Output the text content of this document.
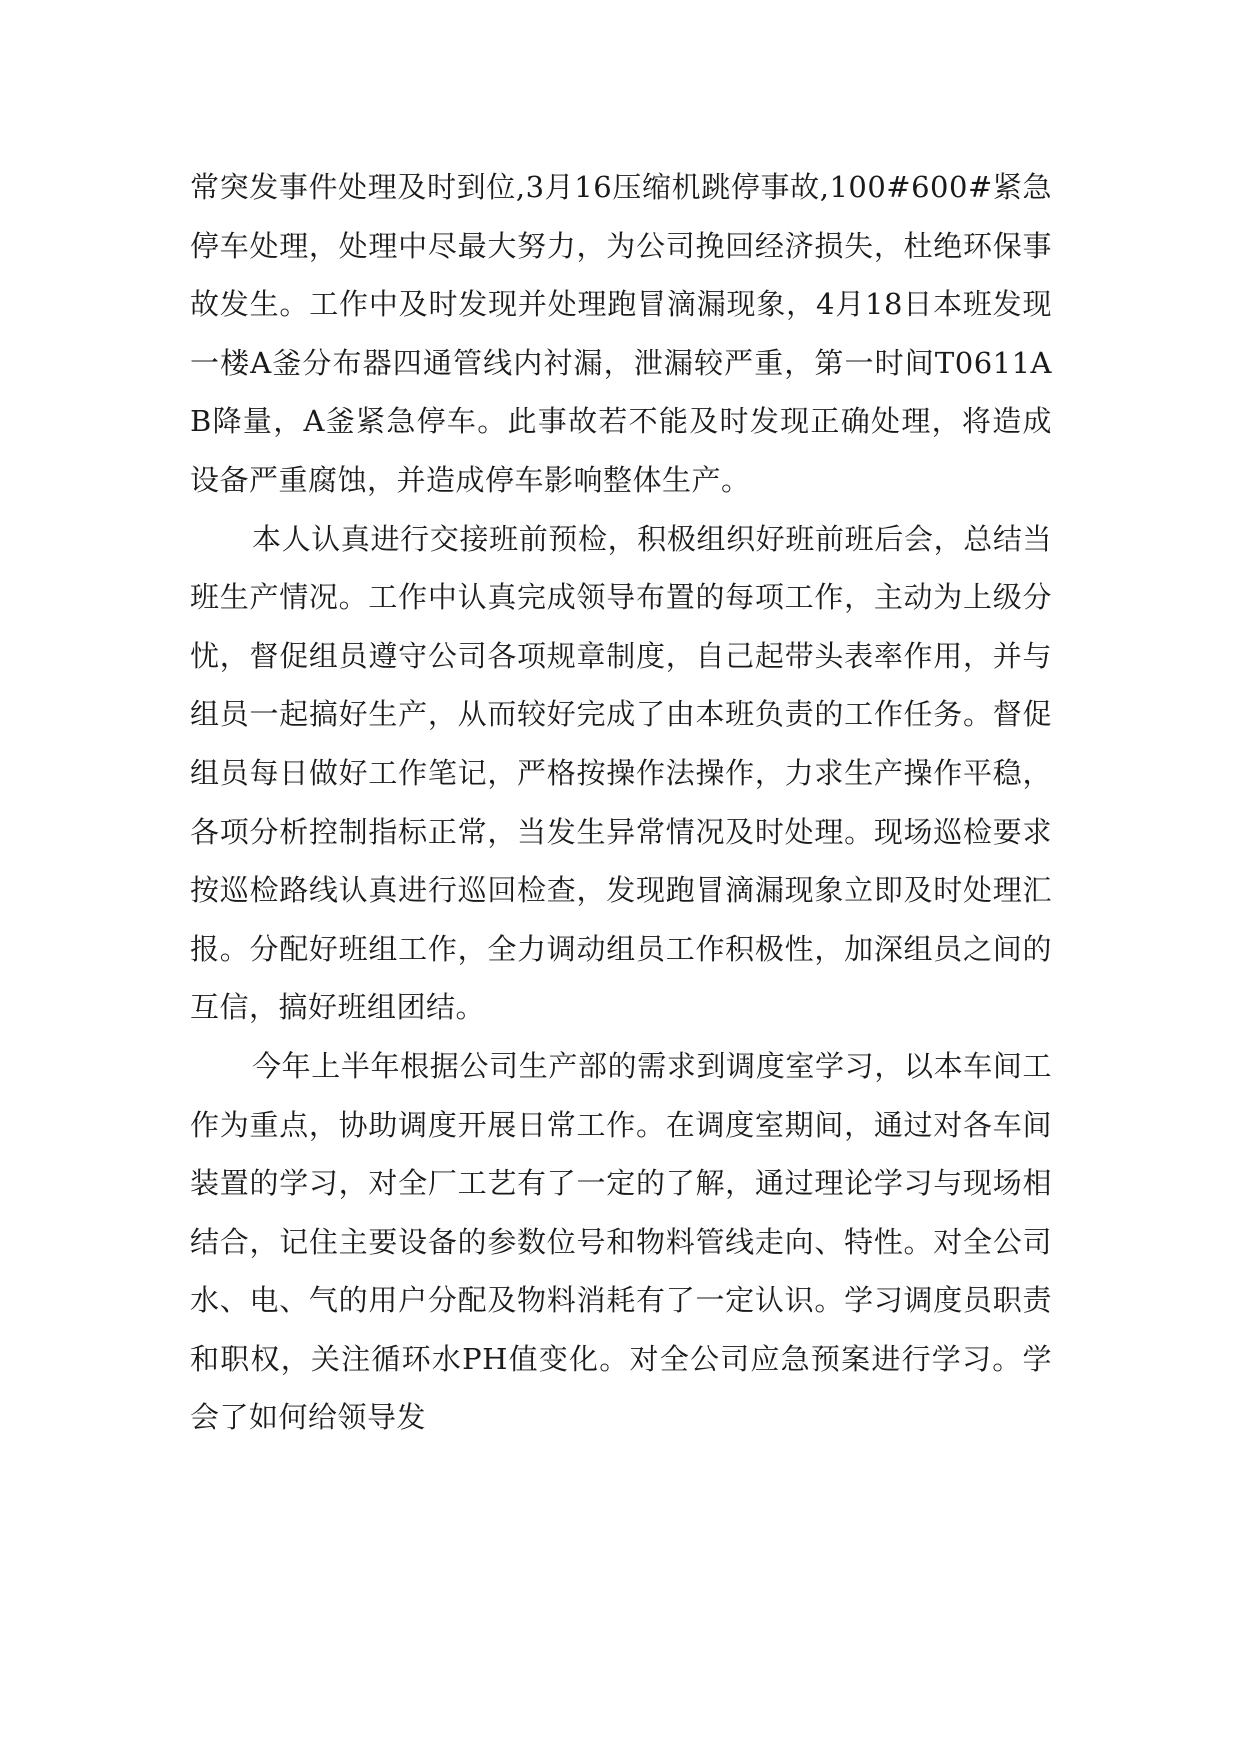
常突发事件处理及时到位,3月16压缩机跳停事故,100#600#紧急停车处理，处理中尽最大努力，为公司挽回经济损失，杜绝环保事故发生。工作中及时发现并处理跑冒滴漏现象，4月18日本班发现一楼A釜分布器四通管线内衬漏，泄漏较严重，第一时间T0611AB降量，A釜紧急停车。此事故若不能及时发现正确处理，将造成设备严重腐蚀，并造成停车影响整体生产。

本人认真进行交接班前预检，积极组织好班前班后会，总结当班生产情况。工作中认真完成领导布置的每项工作，主动为上级分忧，督促组员遵守公司各项规章制度，自己起带头表率作用，并与组员一起搞好生产，从而较好完成了由本班负责的工作任务。督促组员每日做好工作笔记，严格按操作法操作，力求生产操作平稳，各项分析控制指标正常，当发生异常情况及时处理。现场巡检要求按巡检路线认真进行巡回检查，发现跑冒滴漏现象立即及时处理汇报。分配好班组工作，全力调动组员工作积极性，加深组员之间的互信，搞好班组团结。

今年上半年根据公司生产部的需求到调度室学习，以本车间工作为重点，协助调度开展日常工作。在调度室期间，通过对各车间装置的学习，对全厂工艺有了一定的了解，通过理论学习与现场相结合，记住主要设备的参数位号和物料管线走向、特性。对全公司水、电、气的用户分配及物料消耗有了一定认识。学习调度员职责和职权，关注循环水PH值变化。对全公司应急预案进行学习。学会了如何给领导发
